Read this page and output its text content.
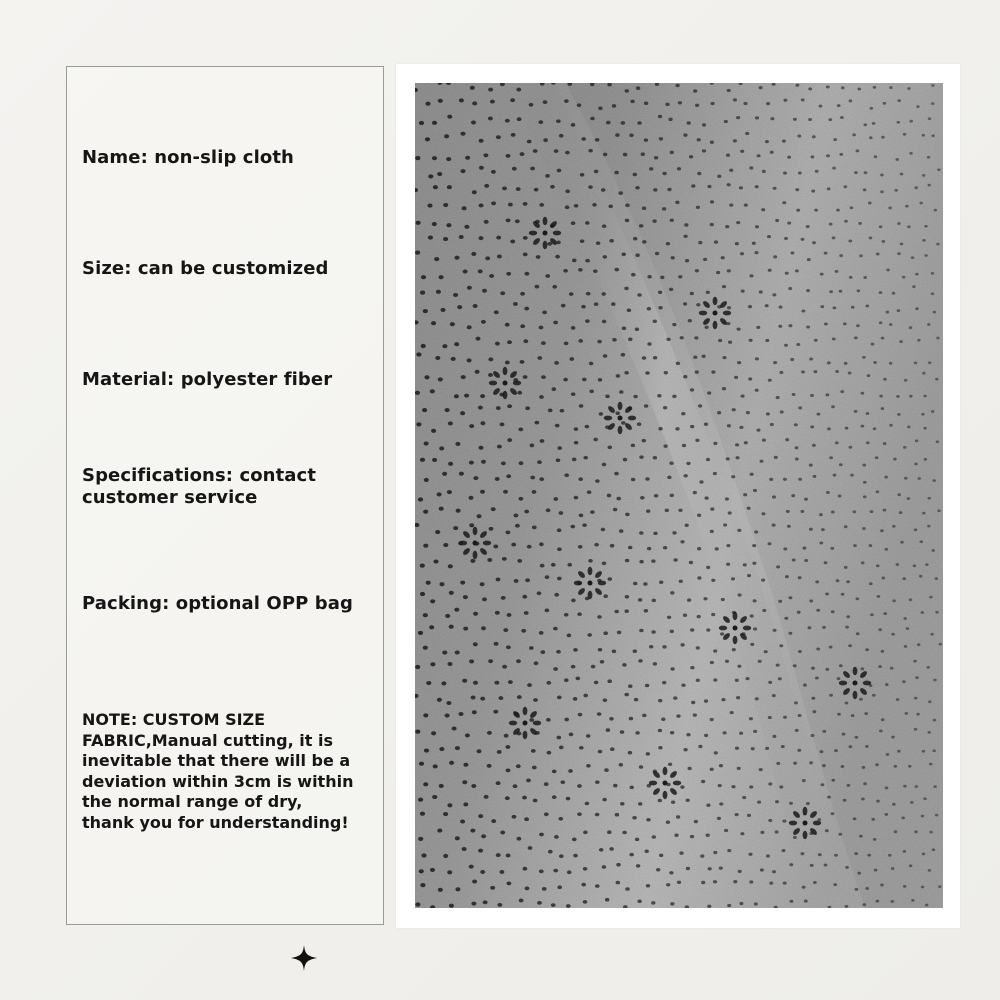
Name: non-slip cloth

Size: can be customized

Material: polyester fiber

Specifications: contact customer service

Packing: optional OPP bag

NOTE: CUSTOM SIZE
FABRIC,Manual cutting, it is
inevitable that there will be a
deviation within 3cm is within
the normal range of dry,
thank you for understanding!
